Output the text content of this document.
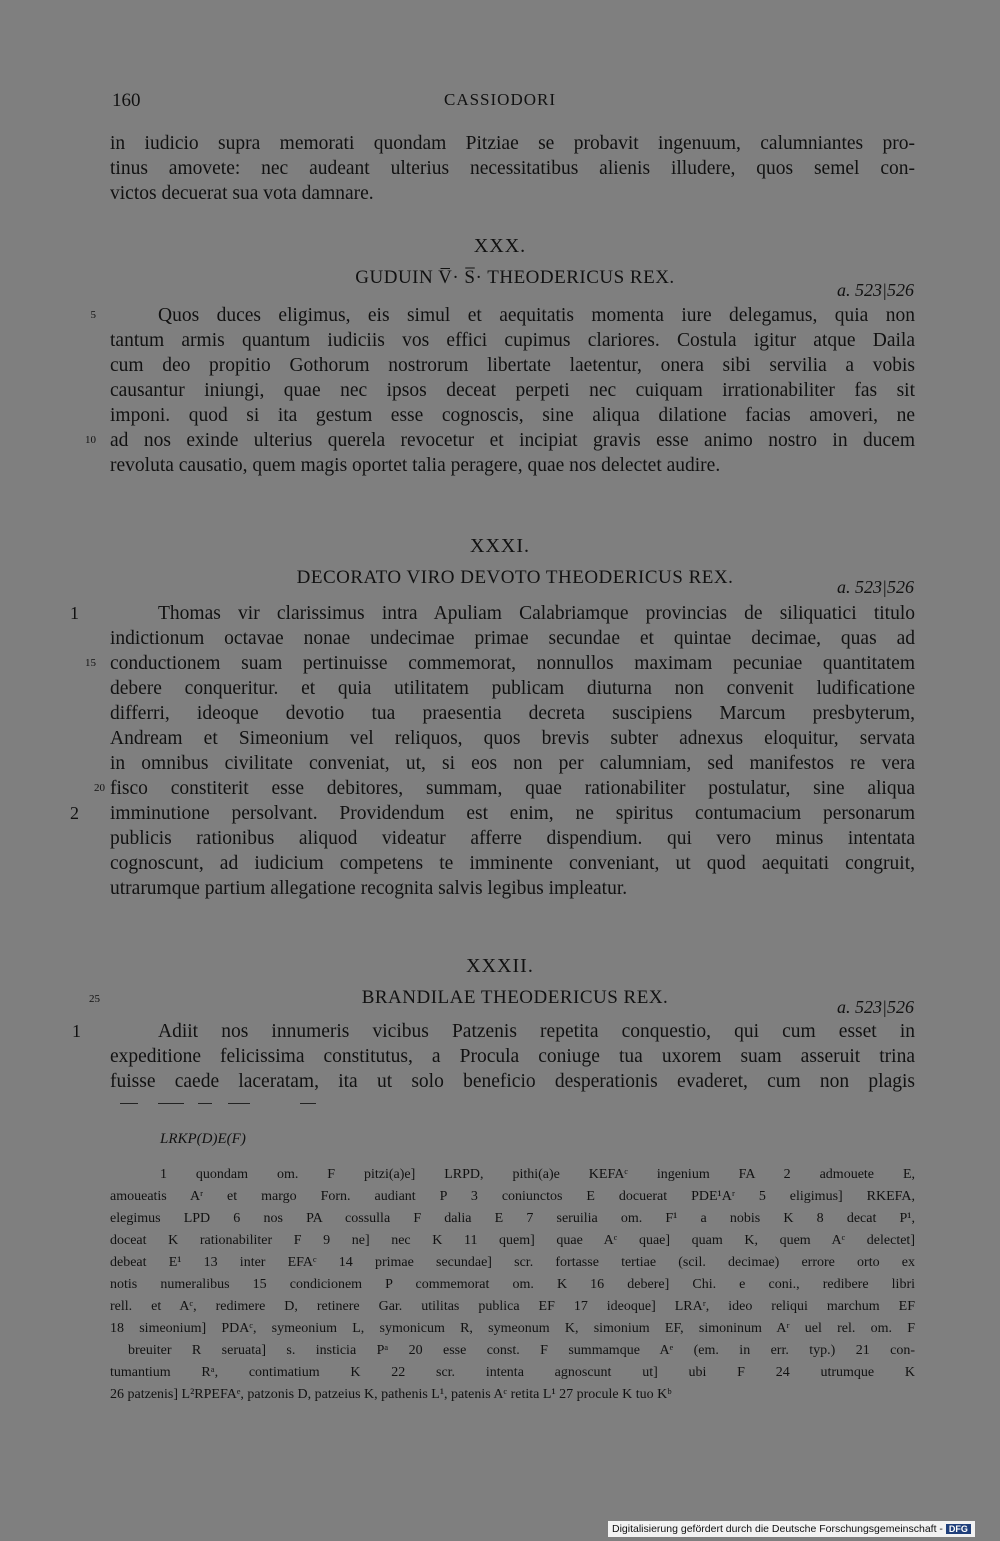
160	CASSIODORI
in iudicio supra memorati quondam Pitziae se probavit ingenuum, calumniantes pro-
tinus amovete: nec audeant ulterius necessitatibus alienis illudere, quos semel con-
victos decuerat sua vota damnare.
XXX.
GUDUIN V̅· S̅· THEODERICUS REX.
a. 523|526
5	Quos duces eligimus, eis simul et aequitatis momenta iure delegamus, quia non
tantum armis quantum iudiciis vos effici cupimus clariores. Costula igitur atque Daila
cum deo propitio Gothorum nostrorum libertate laetentur, onera sibi servilia a vobis
causantur iniungi, quae nec ipsos deceat perpeti nec cuiquam irrationabiliter fas sit
imponi. quod si ita gestum esse cognoscis, sine aliqua dilatione facias amoveri, ne
10 ad nos exinde ulterius querela revocetur et incipiat gravis esse animo nostro in ducem
revoluta causatio, quem magis oportet talia peragere, quae nos delectet audire.
XXXI.
DECORATO VIRO DEVOTO THEODERICUS REX.	a. 523|526
1	Thomas vir clarissimus intra Apuliam Calabriamque provincias de siliquatici titulo
indictionum octavae nonae undecimae primae secundae et quintae decimae, quas ad
15 conductionem suam pertinuisse commemorat, nonnullos maximam pecuniae quantitatem
debere conqueritur. et quia utilitatem publicam diuturna non convenit ludificatione
differri, ideoque devotio tua praesentia decreta suscipiens Marcum presbyterum,
Andream et Simeonium vel reliquos, quos brevis subter adnexus eloquitur, servata
in omnibus civilitate conveniat, ut, si eos non per calumniam, sed manifestos re vera
20 fisco constiterit esse debitores, summam, quae rationabiliter postulatur, sine aliqua
2 imminutione persolvant. Providendum est enim, ne spiritus contumacium personarum
publicis rationibus aliquod videatur afferre dispendium. qui vero minus intentata
cognoscunt, ad iudicium competens te imminente conveniant, ut quod aequitati congruit,
utrarumque partium allegatione recognita salvis legibus impleatur.
XXXII.
25	BRANDILAE THEODERICUS REX.	a. 523|526
1	Adiit nos innumeris vicibus Patzenis repetita conquestio, qui cum esset in
expeditione felicissima constitutus, a Procula coniuge tua uxorem suam asseruit trina
fuisse caede laceratam, ita ut solo beneficio desperationis evaderet, cum non plagis
LRKP(D)E(F)
1 quondam om. F pitzi(a)e] LRPD, pithi(a)e KEFAᶜ ingenium FA 2 admouete E,
amoueatis Aʳ et margo Forn. audiant P 3 coniunctos E docuerat PDE¹Aʳ 5 eligimus] RKEFA,
elegimus LPD 6 nos PA cossulla F dalia E 7 seruilia om. F¹ a nobis K 8 decat P¹,
doceat K rationabiliter F 9 ne] nec K 11 quem] quae Aᶜ quae] quam K, quem Aᶜ delectet]
debeat E¹ 13 inter EFAᶜ 14 primae secundae] scr. fortasse tertiae (scil. decimae) errore orto ex
notis numeralibus 15 condicionem P commemorat om. K 16 debere] Chi. e coni., redibere libri
rell. et Aᶜ, redimere D, retinere Gar. utilitas publica EF 17 ideoque] LRAʳ, ideo reliqui marchum EF
18 simeonium] PDAᶜ, symeonium L, symonicum R, symeonum K, simonium EF, simoninum Aʳ uel rel. om. F
breuiter R seruata] s. insticia Pᵃ 20 esse const. F summamque Aᵉ (em. in err. typ.) 21 con-
tumantium Rᵃ, contimatium K 22 scr. intenta agnoscunt ut] ubi F 24 utrumque K
26 patzenis] L²RPEFAᵉ, patzonis D, patzeius K, pathenis L¹, patenis Aᶜ retita L¹ 27 procule K tuo Kᵇ
Digitalisierung gefördert durch die Deutsche Forschungsgemeinschaft - DFG
